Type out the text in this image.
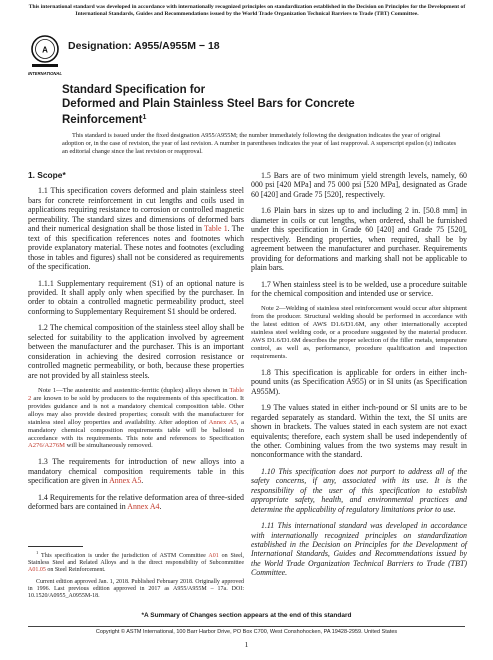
This international standard was developed in accordance with internationally recognized principles on standardization established in the Decision on Principles for the Development of International Standards, Guides and Recommendations issued by the World Trade Organization Technical Barriers to Trade (TBT) Committee.
A
INTERNATIONAL
Designation: A955/A955M − 18
Standard Specification for
Deformed and Plain Stainless Steel Bars for Concrete
Reinforcement$^1$
This standard is issued under the fixed designation A955/A955M; the number immediately following the designation indicates the year of original adoption or, in the case of revision, the year of last revision. A number in parentheses indicates the year of last reapproval. A superscript epsilon (ε) indicates an editorial change since the last revision or reapproval.

1. Scope*

1.1 This specification covers deformed and plain stainless steel bars for concrete reinforcement in cut lengths and coils used in applications requiring resistance to corrosion or controlled magnetic permeability. The standard sizes and dimensions of deformed bars and their numerical designation shall be those listed in Table 1. The text of this specification references notes and footnotes which provide explanatory material. These notes and footnotes (excluding those in tables and figures) shall not be considered as requirements of the specification.

1.1.1 Supplementary requirement (S1) of an optional nature is provided. It shall apply only when specified by the purchaser. In order to obtain a controlled magnetic permeability product, steel conforming to Supplementary Requirement S1 should be ordered.

1.2 The chemical composition of the stainless steel alloy shall be selected for suitability to the application involved by agreement between the manufacturer and the purchaser. This is an important consideration in achieving the desired corrosion resistance or controlled magnetic permeability, or both, because these properties are not provided by all stainless steels.

Note 1—The austenitic and austenitic-ferritic (duplex) alloys shown in Table 2 are known to be sold by producers to the requirements of this specification. It provides guidance and is not a mandatory chemical composition table. Other alloys may also provide desired properties; consult with the manufacturer for stainless steel alloy properties and availability. After adoption of Annex A5, a mandatory chemical composition requirements table will be balloted in accordance with its requirements. This note and references to Specification A276/A276M will be simultaneously removed.

1.3 The requirements for introduction of new alloys into a mandatory chemical composition requirements table in this specification are given in Annex A5.

1.4 Requirements for the relative deformation area of three-sided deformed bars are contained in Annex A4.

1.5 Bars are of two minimum yield strength levels, namely, 60 000 psi [420 MPa] and 75 000 psi [520 MPa], designated as Grade 60 [420] and Grade 75 [520], respectively.

1.6 Plain bars in sizes up to and including 2 in. [50.8 mm] in diameter in coils or cut lengths, when ordered, shall be furnished under this specification in Grade 60 [420] and Grade 75 [520], respectively. Bending properties, when required, shall be by agreement between the manufacturer and purchaser. Requirements providing for deformations and marking shall not be applicable to plain bars.

1.7 When stainless steel is to be welded, use a procedure suitable for the chemical composition and intended use or service.

Note 2—Welding of stainless steel reinforcement would occur after shipment from the producer. Structural welding should be performed in accordance with the latest edition of AWS D1.6/D1.6M, any other internationally accepted stainless steel welding code, or a procedure suggested by the material producer. AWS D1.6/D1.6M describes the proper selection of the filler metals, temperature control, as well as, performance, procedure qualification and inspection requirements.

1.8 This specification is applicable for orders in either inch-pound units (as Specification A955) or in SI units (as Specification A955M).

1.9 The values stated in either inch-pound or SI units are to be regarded separately as standard. Within the text, the SI units are shown in brackets. The values stated in each system are not exact equivalents; therefore, each system shall be used independently of the other. Combining values from the two systems may result in nonconformance with the standard.

1.10 This specification does not purport to address all of the safety concerns, if any, associated with its use. It is the responsibility of the user of this specification to establish appropriate safety, health, and environmental practices and determine the applicability of regulatory limitations prior to use.

1.11 This international standard was developed in accordance with internationally recognized principles on standardization established in the Decision on Principles for the Development of International Standards, Guides and Recommendations issued by the World Trade Organization Technical Barriers to Trade (TBT) Committee.

$^1$ This specification is under the jurisdiction of ASTM Committee A01 on Steel, Stainless Steel and Related Alloys and is the direct responsibility of Subcommittee A01.05 on Steel Reinforcement.

Current edition approved Jan. 1, 2018. Published February 2018. Originally approved in 1996. Last previous edition approved in 2017 as A955/A955M – 17a. DOI: 10.1520/A0955_A0955M-18.

*A Summary of Changes section appears at the end of this standard
Copyright © ASTM International, 100 Barr Harbor Drive, PO Box C700, West Conshohocken, PA 19428-2959. United States
1
